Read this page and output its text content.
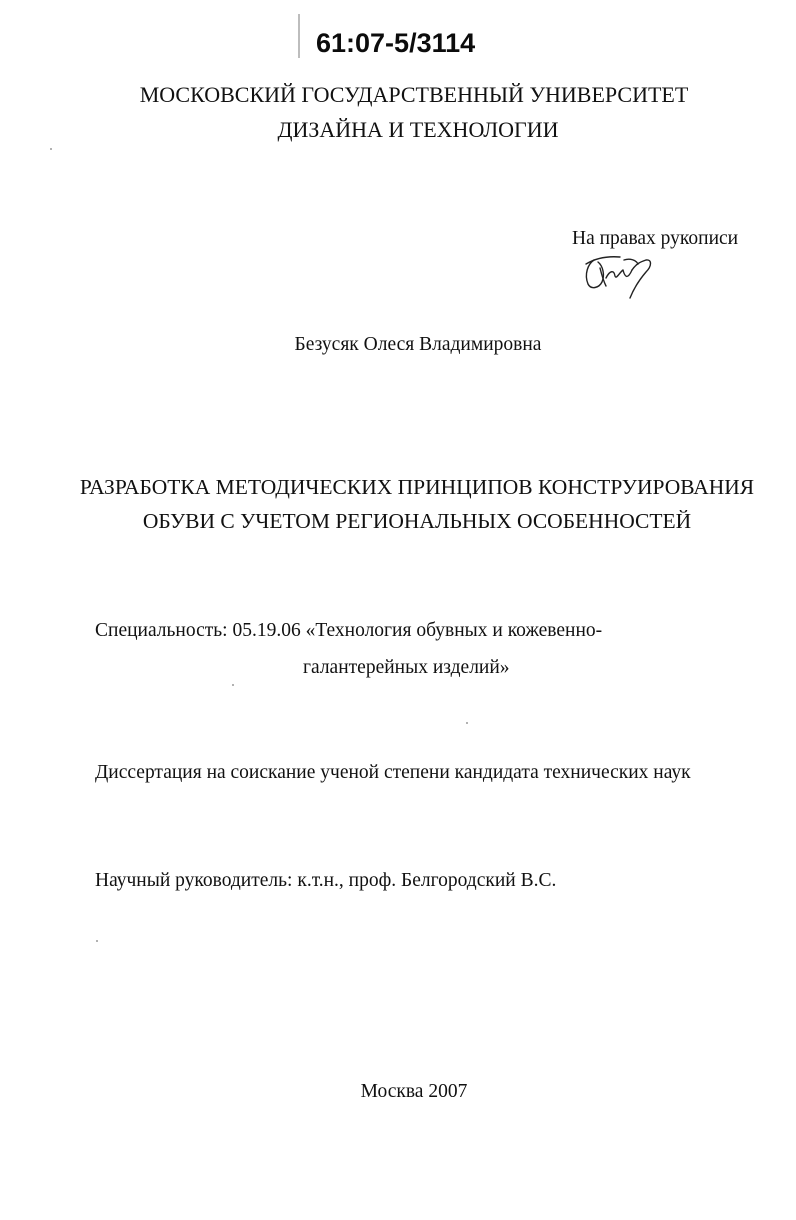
61:07-5/3114
МОСКОВСКИЙ ГОСУДАРСТВЕННЫЙ УНИВЕРСИТЕТ
ДИЗАЙНА И ТЕХНОЛОГИИ
На правах рукописи
Безусяк Олеся Владимировна
РАЗРАБОТКА МЕТОДИЧЕСКИХ ПРИНЦИПОВ КОНСТРУИРОВАНИЯ
ОБУВИ С УЧЕТОМ РЕГИОНАЛЬНЫХ ОСОБЕННОСТЕЙ
Специальность: 05.19.06 «Технология обувных и кожевенно-
галантерейных изделий»
Диссертация на соискание ученой степени кандидата технических наук
Научный руководитель: к.т.н., проф. Белгородский В.С.
Москва 2007
